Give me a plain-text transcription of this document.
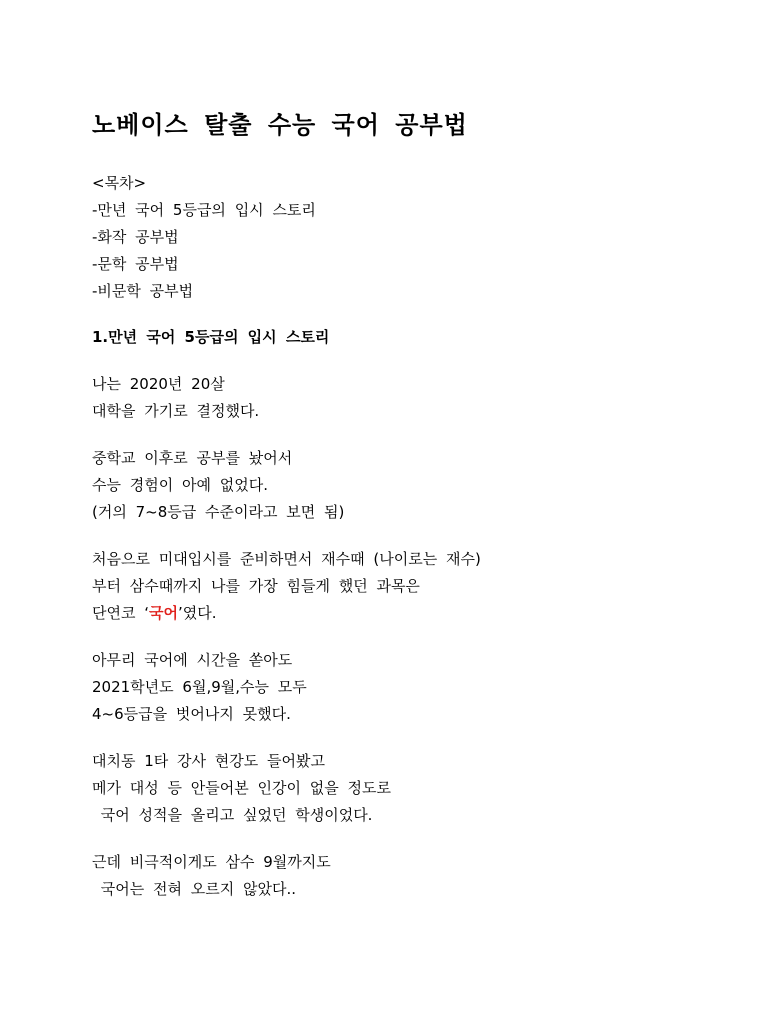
노베이스 탈출 수능 국어 공부법
<목차>
-만년 국어 5등급의 입시 스토리
-화작 공부법
-문학 공부법
-비문학 공부법
1.만년 국어 5등급의 입시 스토리
나는 2020년 20살
대학을 가기로 결정했다.
중학교 이후로 공부를 놨어서
수능 경험이 아예 없었다.
(거의 7~8등급 수준이라고 보면 됨)
처음으로 미대입시를 준비하면서 재수때 (나이로는 재수)
부터 삼수때까지 나를 가장 힘들게 했던 과목은
단연코 ‘국어’였다.
아무리 국어에 시간을 쏟아도
2021학년도 6월,9월,수능 모두
4~6등급을 벗어나지 못했다.
대치동 1타 강사 현강도 들어봤고
메가 대성 등 안들어본 인강이 없을 정도로
국어 성적을 올리고 싶었던 학생이었다.
근데 비극적이게도 삼수 9월까지도
국어는 전혀 오르지 않았다..
